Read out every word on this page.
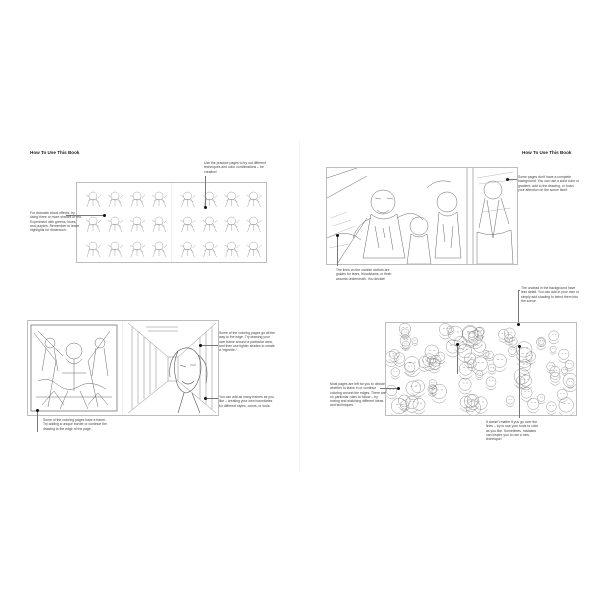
How To Use This Book
Use the practice pages to try out different techniques and color combinations – be creative!
For dramatic blood effects, try using three or more shades of red. Experiment with greens, blues, and purples. Remember to leave highlights for dimension.
Some of the coloring pages go all the way to the edge. Try drawing your own frame around a particular area, and then use lighter shades to create a “vignette.”
You can add as many frames as you like – creating your own boundaries for different styles, colors, or tools.
Some of the coloring pages have a frame. Try adding a unique border or continue the drawing to the edge of the page.
How To Use This Book
Some pages don't have a complete background. You can use a solid color or gradient, add to the drawing, or focus your attention on the scene itself.
The lines on the zombie clothes are guides for tears, bloodstains, or flesh wounds underneath. You decide!
The undead in the background have less detail. You can add in your own or simply add shading to blend them into the scene.
Most pages are left for you to decide whether to leave in or continue coloring around the edges. There are no particular rules to follow – try mixing and matching different ideas and techniques.
It doesn't matter if you go over the lines – try to use your tools to color as you like. Sometimes, mistakes can inspire you to use a new technique!
